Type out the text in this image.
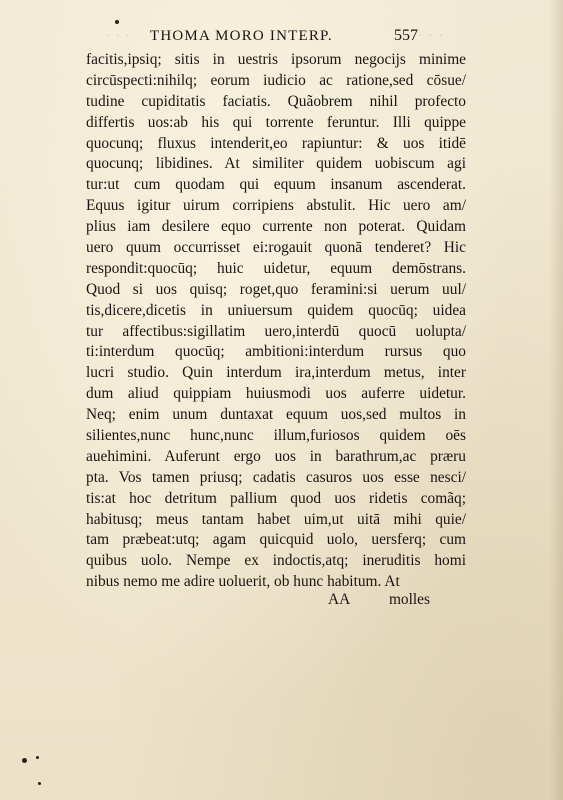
· · ·	· · ·
THOMA MORO INTERP.	557
facitis,ipsiq; sitis in uestris ipsorum negocijs minime
circūspecti:nihilq; eorum iudicio ac ratione,sed cōsue/
tudine cupiditatis faciatis. Quãobrem nihil profecto
differtis uos:ab his qui torrente feruntur. Illi quippe
quocunq; fluxus intenderit,eo rapiuntur: & uos itidē
quocunq; libidines. At similiter quidem uobiscum agi
tur:ut cum quodam qui equum insanum ascenderat.
Equus igitur uirum corripiens abstulit. Hic uero am/
plius iam desilere equo currente non poterat. Quidam
uero quum occurrisset ei:rogauit quonā tenderet? Hic
respondit:quocūq; huic uidetur, equum demōstrans.
Quod si uos quisq; roget,quo feramini:si uerum uul/
tis,dicere,dicetis in uniuersum quidem quocūq; uidea
tur affectibus:sigillatim uero,interdū quocū uolupta/
ti:interdum quocūq; ambitioni:interdum rursus quo
lucri studio. Quin interdum ira,interdum metus, inter
dum aliud quippiam huiusmodi uos auferre uidetur.
Neq; enim unum duntaxat equum uos,sed multos in
silientes,nunc hunc,nunc illum,furiosos quidem oēs
auehimini. Auferunt ergo uos in barathrum,ac præru
pta. Vos tamen priusq; cadatis casuros uos esse nesci/
tis:at hoc detritum pallium quod uos ridetis comãq;
habitusq; meus tantam habet uim,ut uitā mihi quie/
tam præbeat:utq; agam quicquid uolo, uersferq; cum
quibus uolo. Nempe ex indoctis,atq; ineruditis homi
nibus nemo me adire uoluerit, ob hunc habitum. At
AA	molles
